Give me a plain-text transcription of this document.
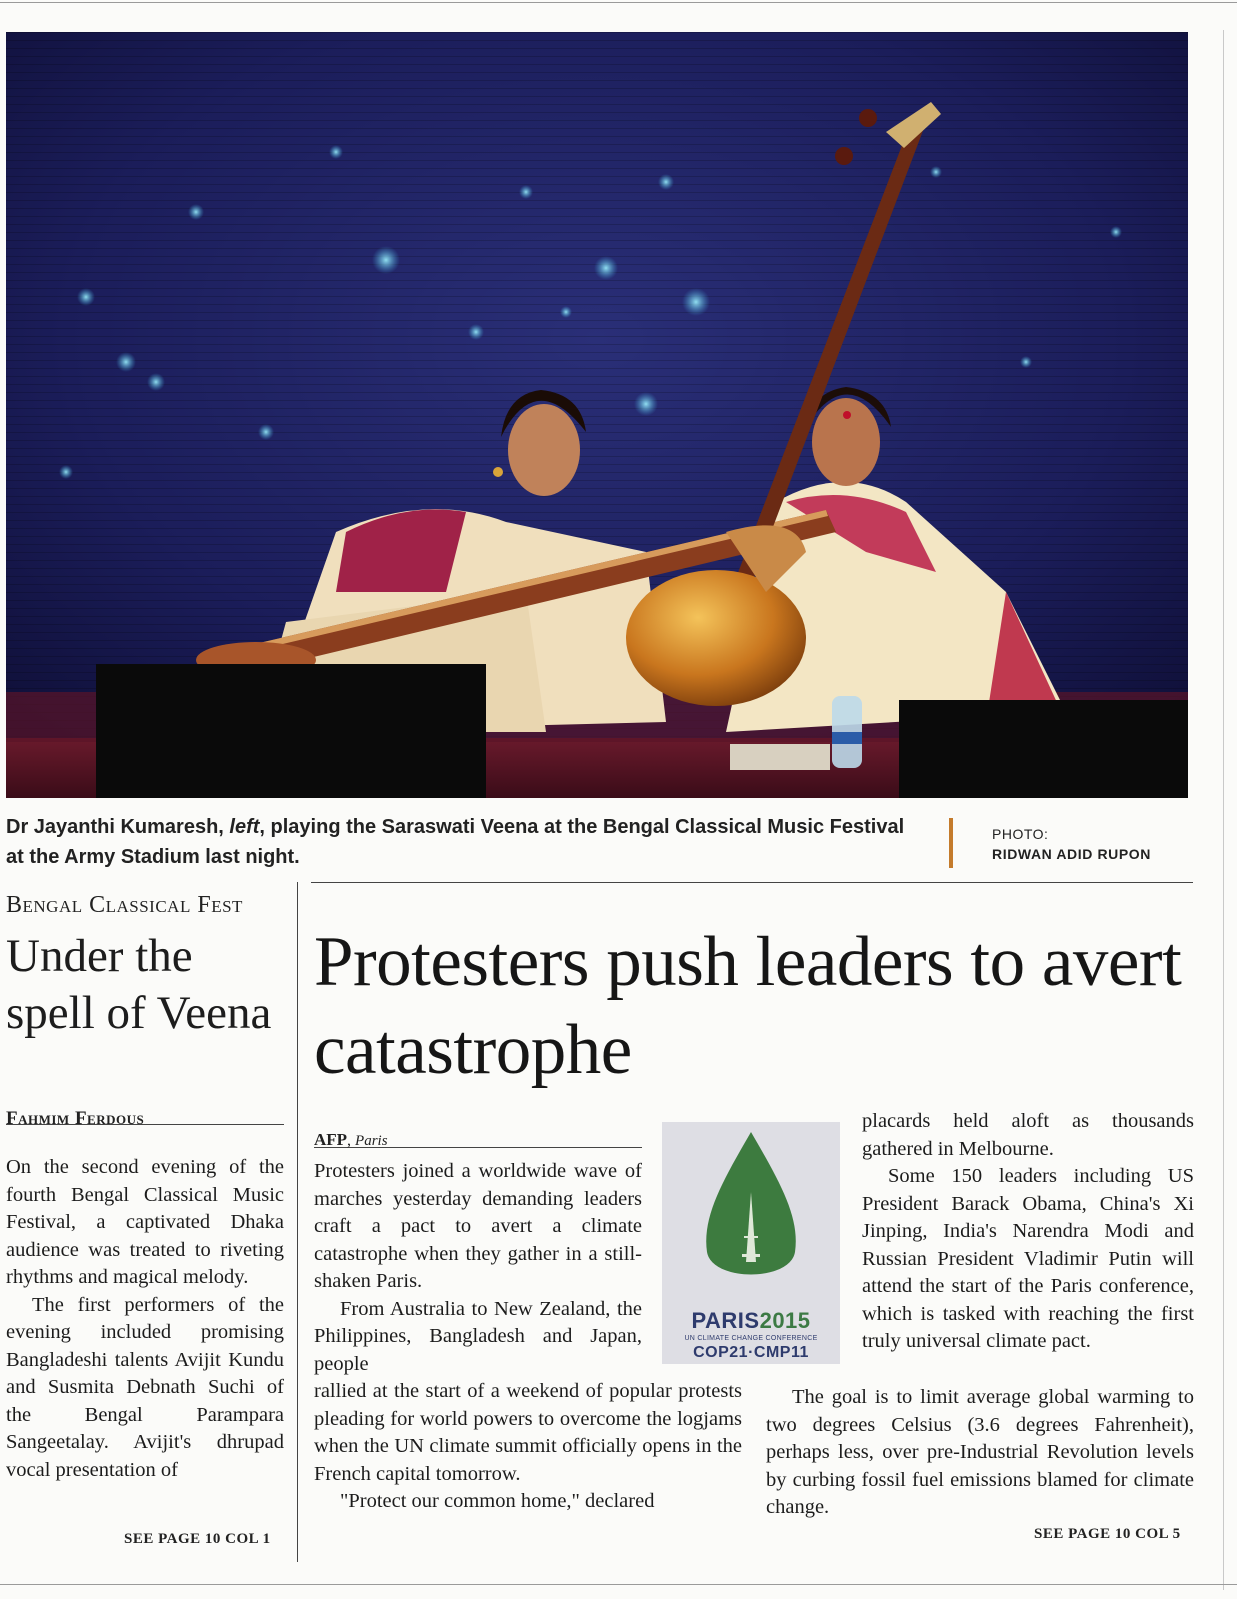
Dr Jayanthi Kumaresh, left, playing the Saraswati Veena at the Bengal Classical Music Festival at the Army Stadium last night.
PHOTO:
RIDWAN ADID RUPON
Bengal Classical Fest
Under the spell of Veena
Fahmim Ferdous

On the second evening of the fourth Bengal Classical Music Festival, a captivated Dhaka audience was treated to riveting rhythms and magical melody.

The first performers of the evening included promising Bangladeshi talents Avijit Kundu and Susmita Debnath Suchi of the Bengal Parampara Sangeetalay. Avijit's dhrupad vocal presentation of

SEE PAGE 10 COL 1
Protesters push leaders to avert catastrophe
AFP, Paris

Protesters joined a worldwide wave of marches yesterday demanding leaders craft a pact to avert a climate catastrophe when they gather in a still-shaken Paris.

From Australia to New Zealand, the Philippines, Bangladesh and Japan, people

rallied at the start of a weekend of popular protests pleading for world powers to overcome the logjams when the UN climate summit officially opens in the French capital tomorrow.

"Protect our common home," declared

PARIS2015
UN CLIMATE CHANGE CONFERENCE
COP21·CMP11

placards held aloft as thousands gathered in Melbourne.

Some 150 leaders including US President Barack Obama, China's Xi Jinping, India's Narendra Modi and Russian President Vladimir Putin will attend the start of the Paris conference, which is tasked with reaching the first truly universal climate pact.

The goal is to limit average global warming to two degrees Celsius (3.6 degrees Fahrenheit), perhaps less, over pre-Industrial Revolution levels by curbing fossil fuel emissions blamed for climate change.

SEE PAGE 10 COL 5
